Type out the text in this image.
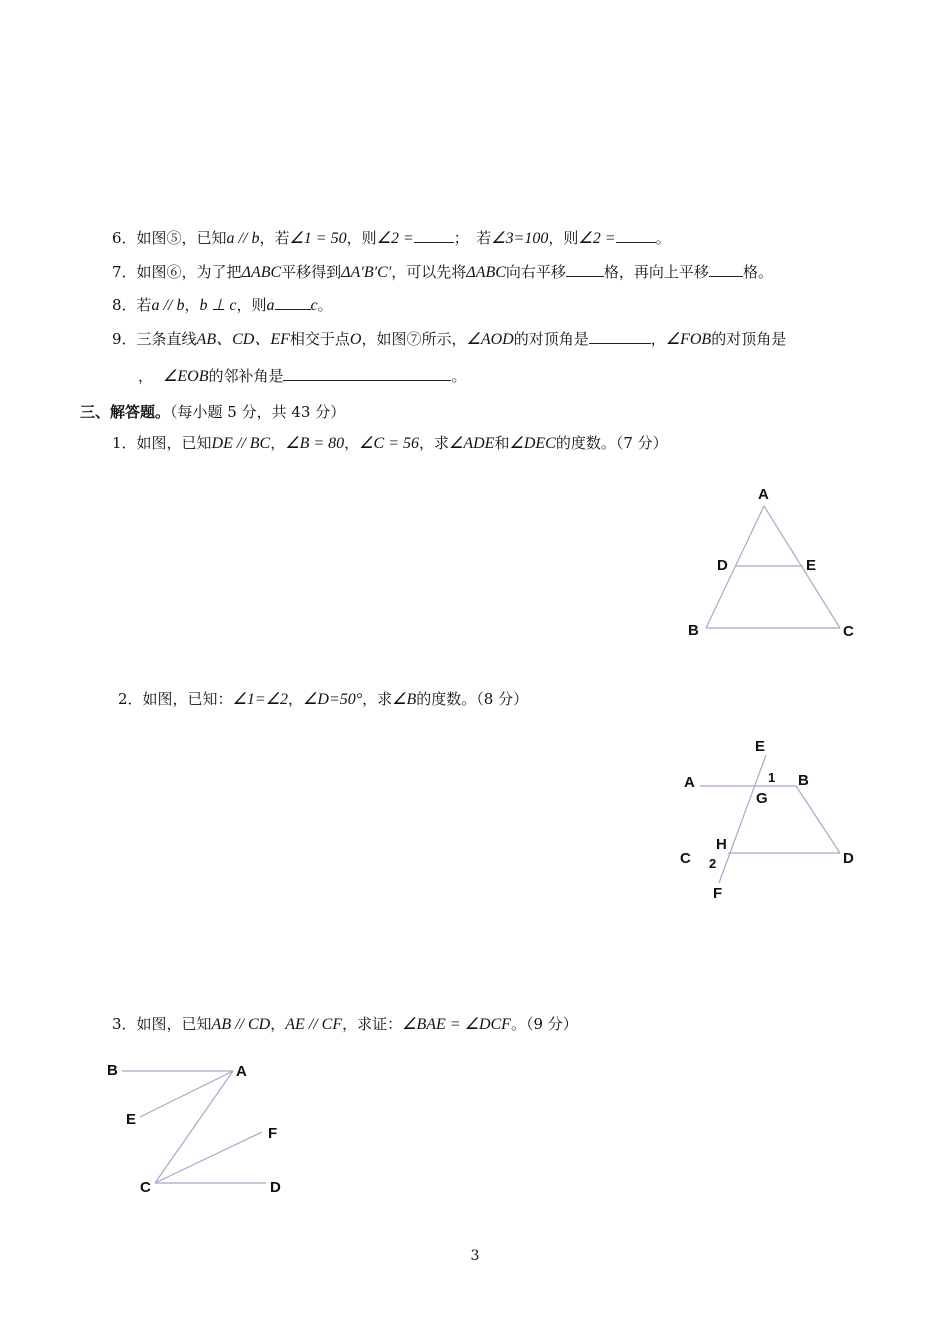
6．如图⑤，已知a // b，若∠1 = 50，则∠2 =	；　若∠3=100，则∠2 =	。
7．如图⑥，为了把ΔABC平移得到ΔA′B′C′，可以先将ΔABC向右平移	格，再向上平移 格。
8．若a // b，b ⊥ c，则a c。
9．三条直线AB、CD、EF相交于点O，如图⑦所示，∠AOD的对顶角是	，∠FOB的对顶角是
， ∠EOB的邻补角是	。
三、解答题。（每小题 5 分，共 43 分）
1．如图，已知DE // BC，∠B = 80，∠C = 56，求∠ADE和∠DEC的度数。（7 分）
A
D	E
B	C
2．如图，已知：∠1=∠2，∠D=50°，求∠B的度数。（8 分）
E
A	1 B
G
H
C 2	D
F
3．如图，已知AB // CD，AE // CF，求证：∠BAE = ∠DCF。（9 分）
B	A
E
F
C	D
3
